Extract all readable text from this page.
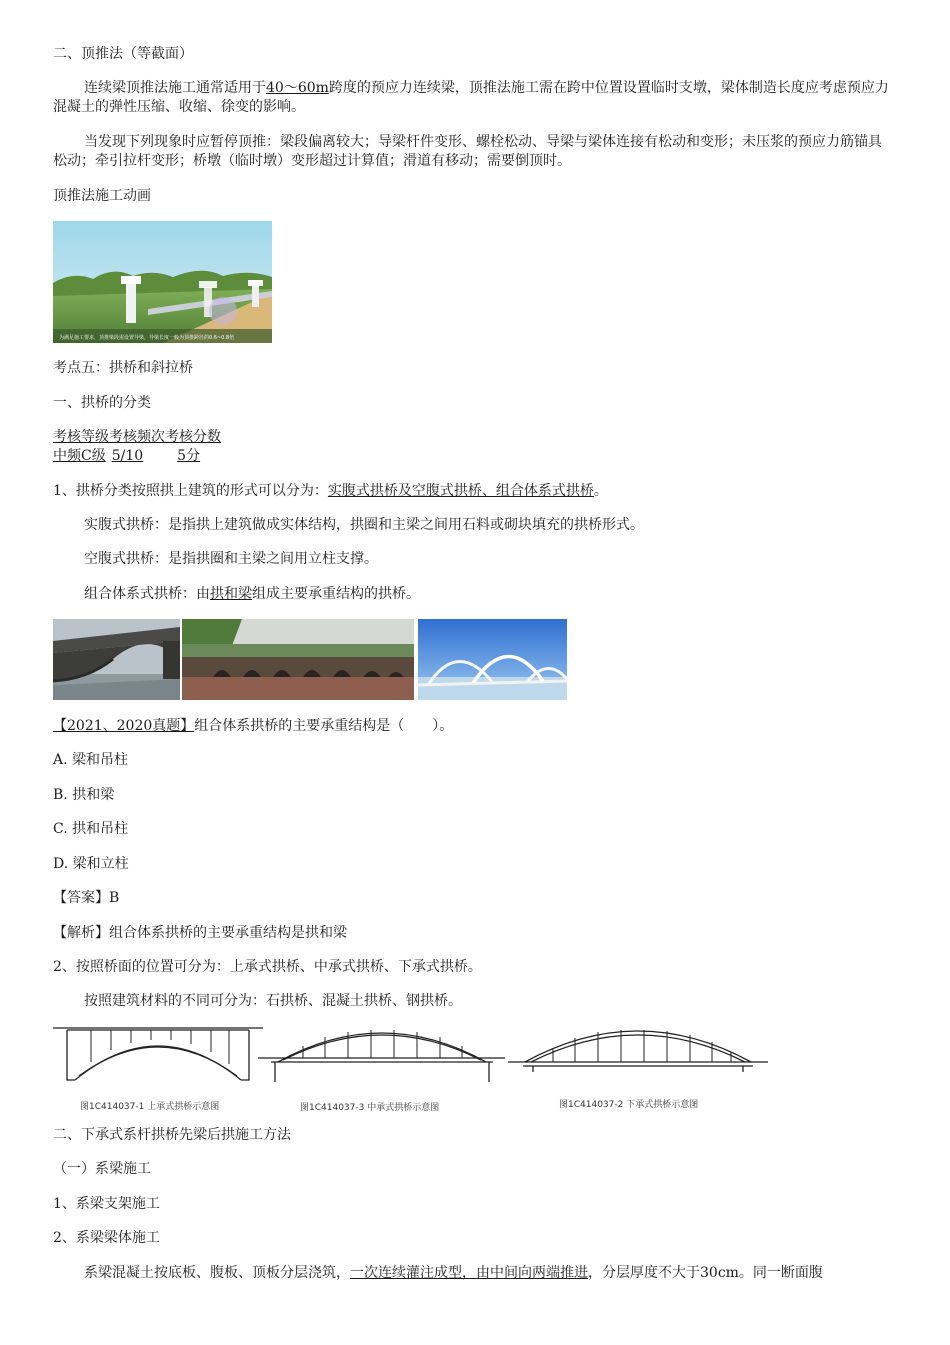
二、顶推法（等截面）
连续梁顶推法施工通常适用于40～60m跨度的预应力连续梁，顶推法施工需在跨中位置设置临时支墩，梁体制造长度应考虑预应力混凝土的弹性压缩、收缩、徐变的影响。
当发现下列现象时应暂停顶推：梁段偏离较大；导梁杆件变形、螺栓松动、导梁与梁体连接有松动和变形；未压浆的预应力筋锚具松动；牵引拉杆变形；桥墩（临时墩）变形超过计算值；滑道有移动；需要倒顶时。
顶推法施工动画
为满足施工要求，顶推梁段需设置导梁，导梁长度一般为顶推跨径的0.6~0.8倍
考点五：拱桥和斜拉桥
一、拱桥的分类
考核等级考核频次考核分数
中频C级 5/10 5分
1、拱桥分类按照拱上建筑的形式可以分为：实腹式拱桥及空腹式拱桥、组合体系式拱桥。
实腹式拱桥：是指拱上建筑做成实体结构，拱圈和主梁之间用石料或砌块填充的拱桥形式。
空腹式拱桥：是指拱圈和主梁之间用立柱支撑。
组合体系式拱桥：由拱和梁组成主要承重结构的拱桥。
【2021、2020真题】组合体系拱桥的主要承重结构是（　　）。
A. 梁和吊柱
B. 拱和梁
C. 拱和吊柱
D. 梁和立柱
【答案】B
【解析】组合体系拱桥的主要承重结构是拱和梁
2、按照桥面的位置可分为：上承式拱桥、中承式拱桥、下承式拱桥。
按照建筑材料的不同可分为：石拱桥、混凝土拱桥、钢拱桥。
图1C414037-1 上承式拱桥示意图	图1C414037-3 中承式拱桥示意图	图1C414037-2 下承式拱桥示意图
二、下承式系杆拱桥先梁后拱施工方法
（一）系梁施工
1、系梁支架施工
2、系梁梁体施工
系梁混凝土按底板、腹板、顶板分层浇筑，一次连续灌注成型，由中间向两端推进，分层厚度不大于30cm。同一断面腹
